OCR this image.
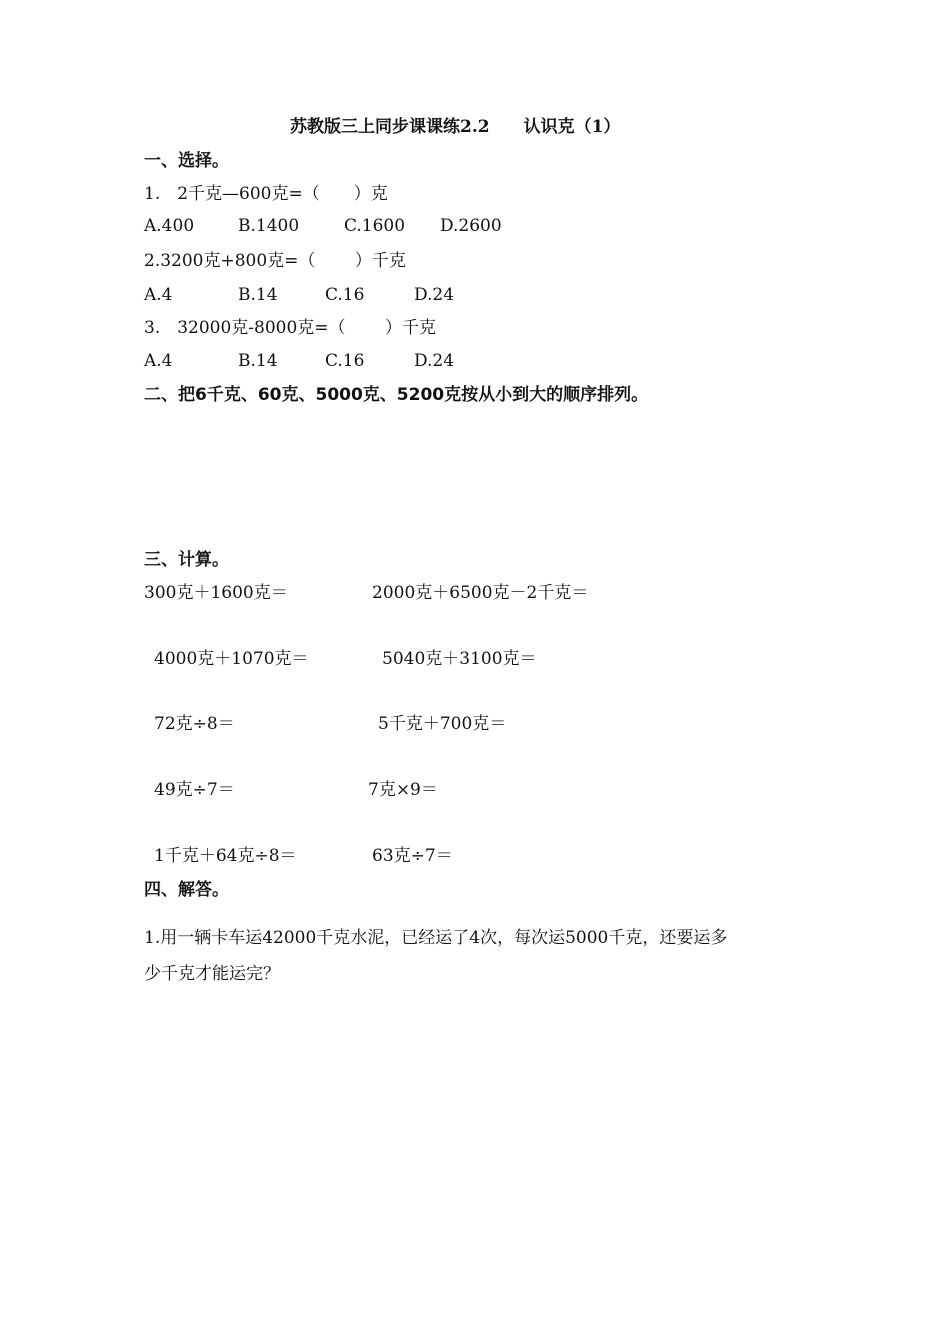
苏教版三上同步课课练2.2　　认识克（1）
一、选择。
1.　2千克—600克=（　　）克
A.400	B.1400	C.1600 D.2600
2.3200克+800克=（　　 ）千克
A.4	B.14	C.16	D.24
3.　32000克-8000克=（　　 ）千克
A.4	B.14	C.16	D.24
二、把6千克、60克、5000克、5200克按从小到大的顺序排列。
三、计算。
300克＋1600克＝	2000克＋6500克－2千克＝
4000克＋1070克＝	5040克＋3100克＝
72克÷8＝	5千克＋700克＝
49克÷7＝	7克×9＝
1千克＋64克÷8＝	63克÷7＝
四、解答。
1.用一辆卡车运42000千克水泥，已经运了4次，每次运5000千克，还要运多
少千克才能运完？
